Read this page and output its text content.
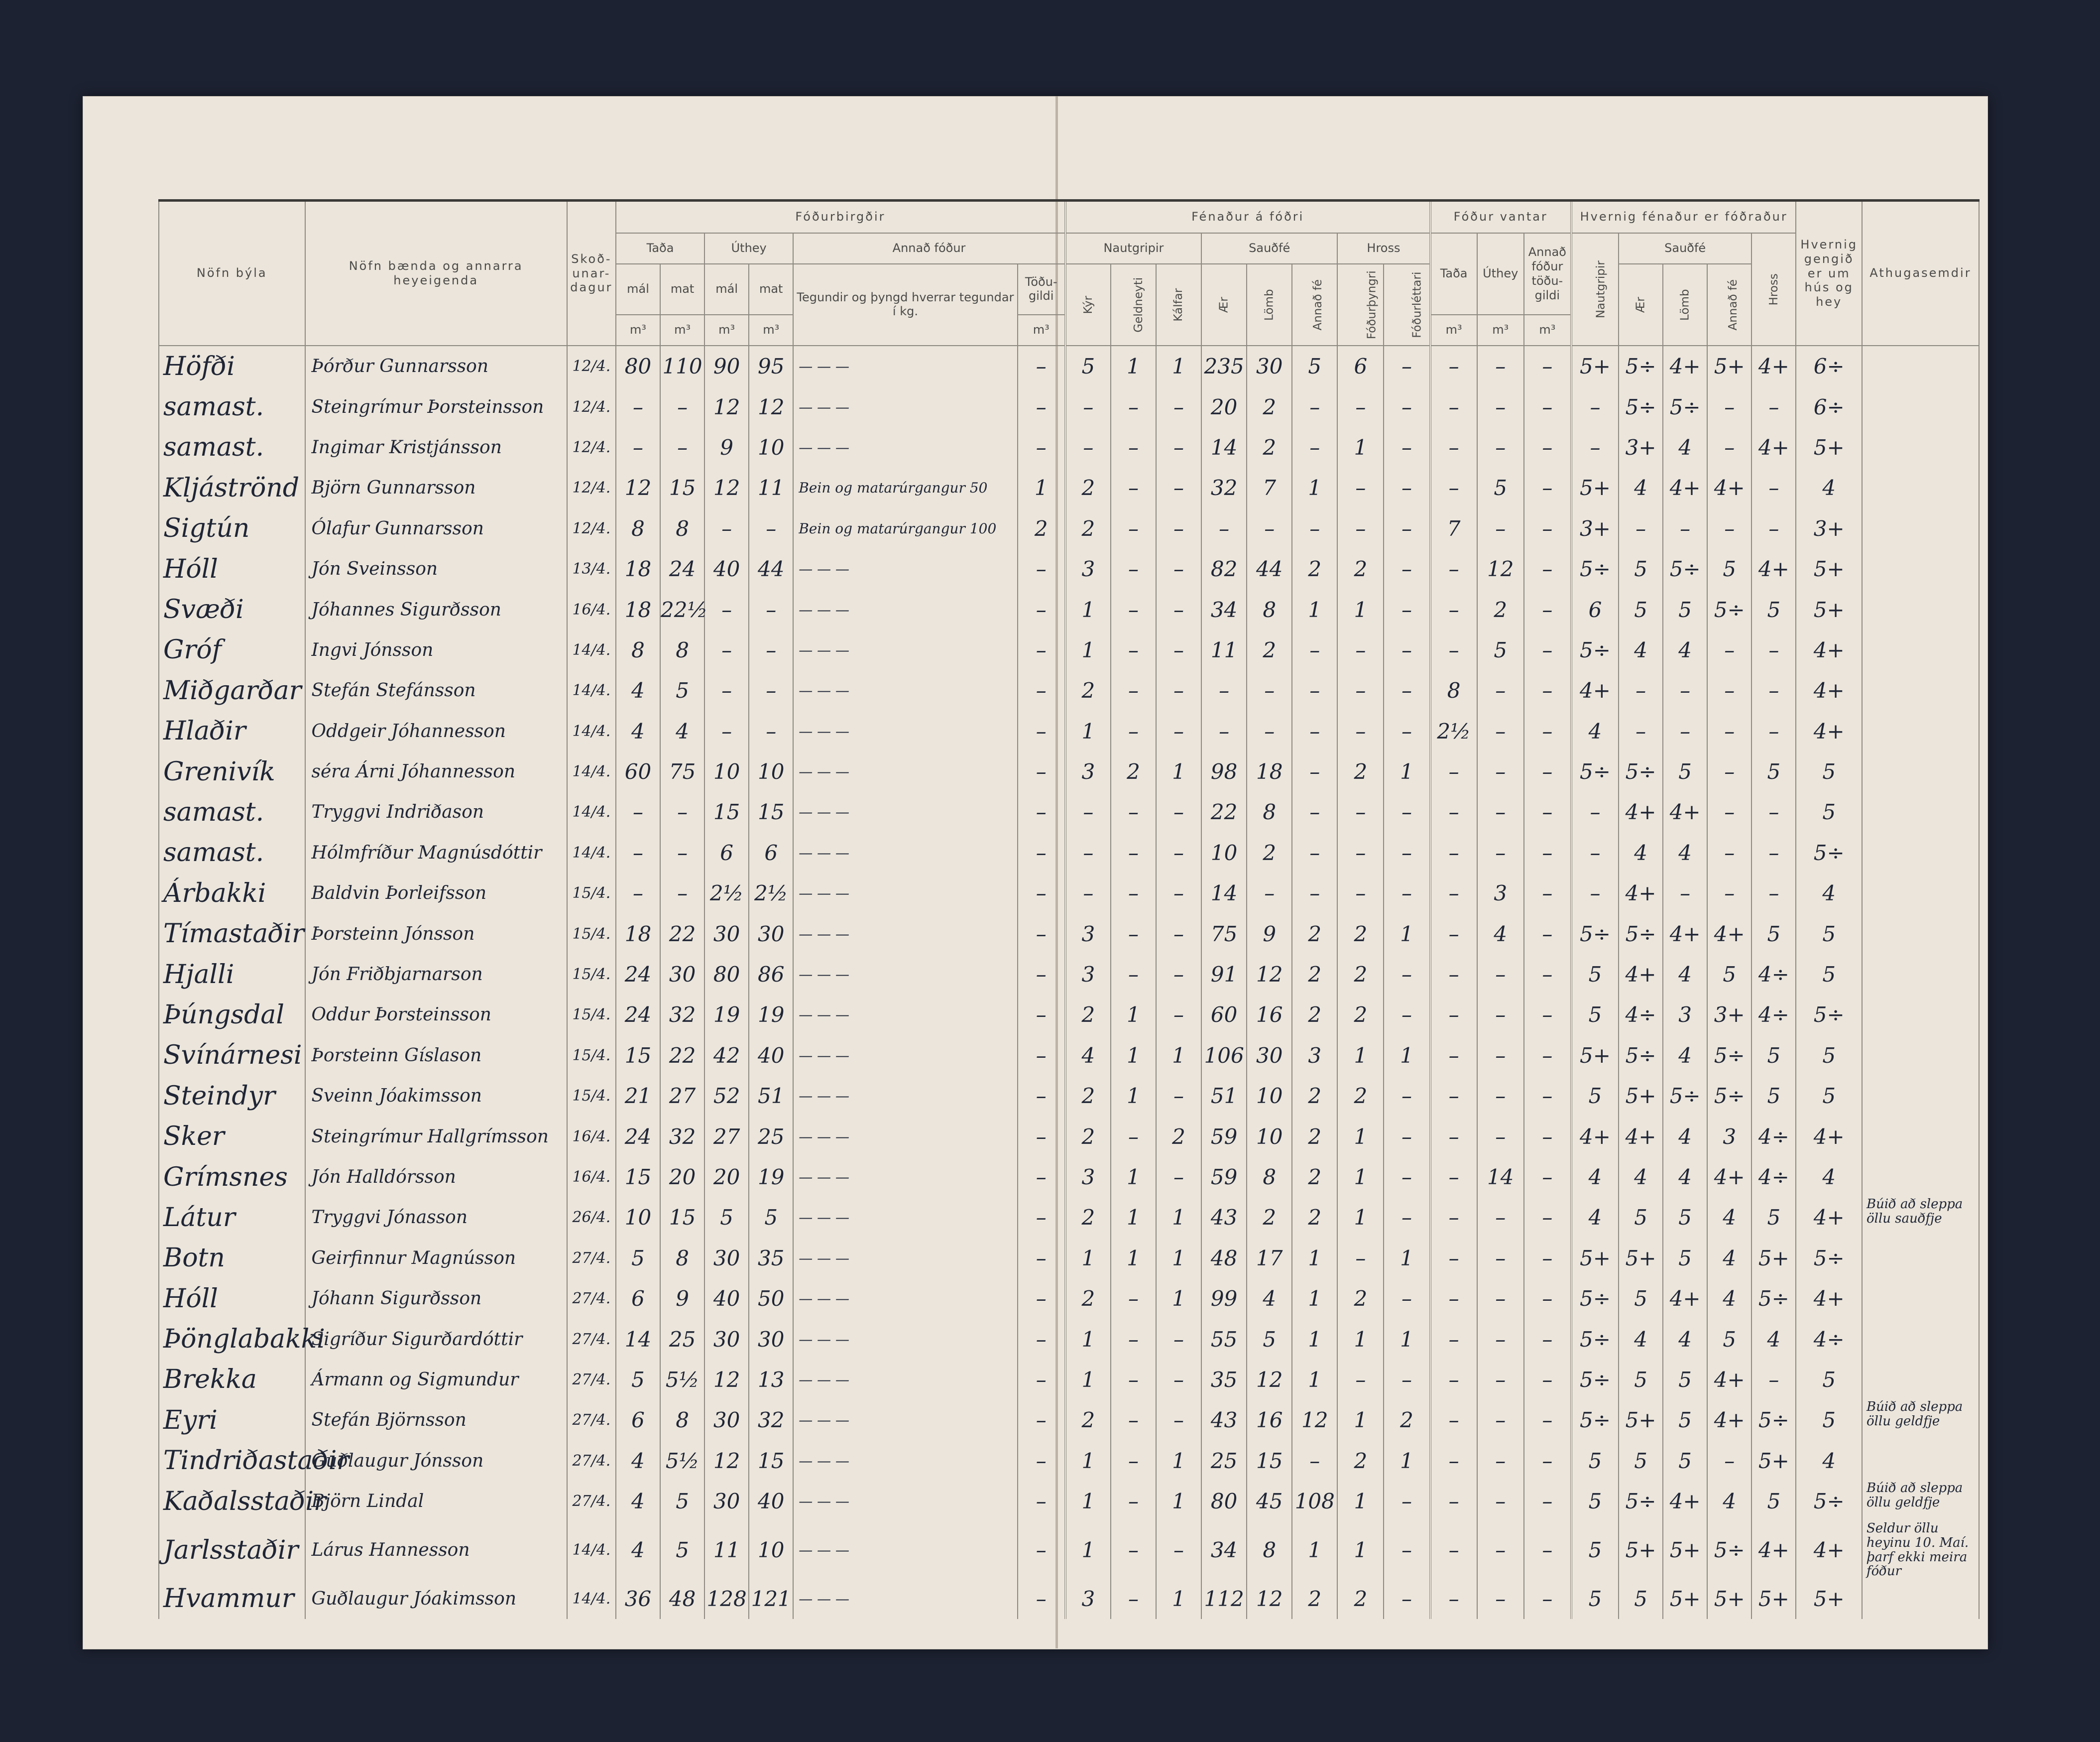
Nöfn býla	Nöfn bænda og annarra heyeigenda	Skoð-unar-dagur	Fóðurbirgðir						Fénaður á fóðri								Fóður vantar			Hvernig fénaður er fóðraður					Hvernig gengið er um hús og hey	Athugasemdir
			Taða		Úthey		Annað fóður		Nautgripir			Sauðfé			Hross		Taða	Úthey	Annað fóður töðu-gildi	Nautgripir	Sauðfé			Hross		
			mál	mat	mál	mat	Tegundir og þyngd hverrar tegundar í kg.	Töðu-gildi	Kýr	Geldneyti	Kálfar	Ær	Lömb	Annað fé	Fóðurþyngri	Fóðurléttari					Ær	Lömb	Annað fé			
			m³	m³	m³	m³		m³									m³	m³	m³							
Höfði	Þórður Gunnarsson	12/4.	80	110	90	95	— — —	–	5	1	1	235	30	5	6	–	–	–	–	5+	5÷	4+	5+	4+	6÷	
samast.	Steingrímur Þorsteinsson	12/4.	–	–	12	12	— — —	–	–	–	–	20	2	–	–	–	–	–	–	–	5÷	5÷	–	–	6÷	
samast.	Ingimar Kristjánsson	12/4.	–	–	9	10	— — —	–	–	–	–	14	2	–	1	–	–	–	–	–	3+	4	–	4+	5+	
Kljáströnd	Björn Gunnarsson	12/4.	12	15	12	11	Bein og matarúrgangur 50	1	2	–	–	32	7	1	–	–	–	5	–	5+	4	4+	4+	–	4	
Sigtún	Ólafur Gunnarsson	12/4.	8	8	–	–	Bein og matarúrgangur 100	2	2	–	–	–	–	–	–	–	7	–	–	3+	–	–	–	–	3+	
Hóll	Jón Sveinsson	13/4.	18	24	40	44	— — —	–	3	–	–	82	44	2	2	–	–	12	–	5÷	5	5÷	5	4+	5+	
Svæði	Jóhannes Sigurðsson	16/4.	18	22½	–	–	— — —	–	1	–	–	34	8	1	1	–	–	2	–	6	5	5	5÷	5	5+	
Gróf	Ingvi Jónsson	14/4.	8	8	–	–	— — —	–	1	–	–	11	2	–	–	–	–	5	–	5÷	4	4	–	–	4+	
Miðgarðar	Stefán Stefánsson	14/4.	4	5	–	–	— — —	–	2	–	–	–	–	–	–	–	8	–	–	4+	–	–	–	–	4+	
Hlaðir	Oddgeir Jóhannesson	14/4.	4	4	–	–	— — —	–	1	–	–	–	–	–	–	–	2½	–	–	4	–	–	–	–	4+	
Grenivík	séra Árni Jóhannesson	14/4.	60	75	10	10	— — —	–	3	2	1	98	18	–	2	1	–	–	–	5÷	5÷	5	–	5	5	
samast.	Tryggvi Indriðason	14/4.	–	–	15	15	— — —	–	–	–	–	22	8	–	–	–	–	–	–	–	4+	4+	–	–	5	
samast.	Hólmfríður Magnúsdóttir	14/4.	–	–	6	6	— — —	–	–	–	–	10	2	–	–	–	–	–	–	–	4	4	–	–	5÷	
Árbakki	Baldvin Þorleifsson	15/4.	–	–	2½	2½	— — —	–	–	–	–	14	–	–	–	–	–	3	–	–	4+	–	–	–	4	
Tímastaðir	Þorsteinn Jónsson	15/4.	18	22	30	30	— — —	–	3	–	–	75	9	2	2	1	–	4	–	5÷	5÷	4+	4+	5	5	
Hjalli	Jón Friðbjarnarson	15/4.	24	30	80	86	— — —	–	3	–	–	91	12	2	2	–	–	–	–	5	4+	4	5	4÷	5	
Þúngsdal	Oddur Þorsteinsson	15/4.	24	32	19	19	— — —	–	2	1	–	60	16	2	2	–	–	–	–	5	4÷	3	3+	4÷	5÷	
Svínárnesi	Þorsteinn Gíslason	15/4.	15	22	42	40	— — —	–	4	1	1	106	30	3	1	1	–	–	–	5+	5÷	4	5÷	5	5	
Steindyr	Sveinn Jóakimsson	15/4.	21	27	52	51	— — —	–	2	1	–	51	10	2	2	–	–	–	–	5	5+	5÷	5÷	5	5	
Sker	Steingrímur Hallgrímsson	16/4.	24	32	27	25	— — —	–	2	–	2	59	10	2	1	–	–	–	–	4+	4+	4	3	4÷	4+	
Grímsnes	Jón Halldórsson	16/4.	15	20	20	19	— — —	–	3	1	–	59	8	2	1	–	–	14	–	4	4	4	4+	4÷	4	
Látur	Tryggvi Jónasson	26/4.	10	15	5	5	— — —	–	2	1	1	43	2	2	1	–	–	–	–	4	5	5	4	5	4+	Búið að sleppa öllu sauðfje
Botn	Geirfinnur Magnússon	27/4.	5	8	30	35	— — —	–	1	1	1	48	17	1	–	1	–	–	–	5+	5+	5	4	5+	5÷	
Hóll	Jóhann Sigurðsson	27/4.	6	9	40	50	— — —	–	2	–	1	99	4	1	2	–	–	–	–	5÷	5	4+	4	5÷	4+	
Þönglabakki	Sigríður Sigurðardóttir	27/4.	14	25	30	30	— — —	–	1	–	–	55	5	1	1	1	–	–	–	5÷	4	4	5	4	4÷	
Brekka	Ármann og Sigmundur	27/4.	5	5½	12	13	— — —	–	1	–	–	35	12	1	–	–	–	–	–	5÷	5	5	4+	–	5	
Eyri	Stefán Björnsson	27/4.	6	8	30	32	— — —	–	2	–	–	43	16	12	1	2	–	–	–	5÷	5+	5	4+	5÷	5	Búið að sleppa öllu geldfje
Tindriðastaðir	Guðlaugur Jónsson	27/4.	4	5½	12	15	— — —	–	1	–	1	25	15	–	2	1	–	–	–	5	5	5	–	5+	4	
Kaðalsstaðir	Björn Lindal	27/4.	4	5	30	40	— — —	–	1	–	1	80	45	108	1	–	–	–	–	5	5÷	4+	4	5	5÷	Búið að sleppa öllu geldfje
Jarlsstaðir	Lárus Hannesson	14/4.	4	5	11	10	— — —	–	1	–	–	34	8	1	1	–	–	–	–	5	5+	5+	5÷	4+	4+	Seldur öllu heyinu 10. Maí. þarf ekki meira fóður
Hvammur	Guðlaugur Jóakimsson	14/4.	36	48	128	121	— — —	–	3	–	1	112	12	2	2	–	–	–	–	5	5	5+	5+	5+	5+	
